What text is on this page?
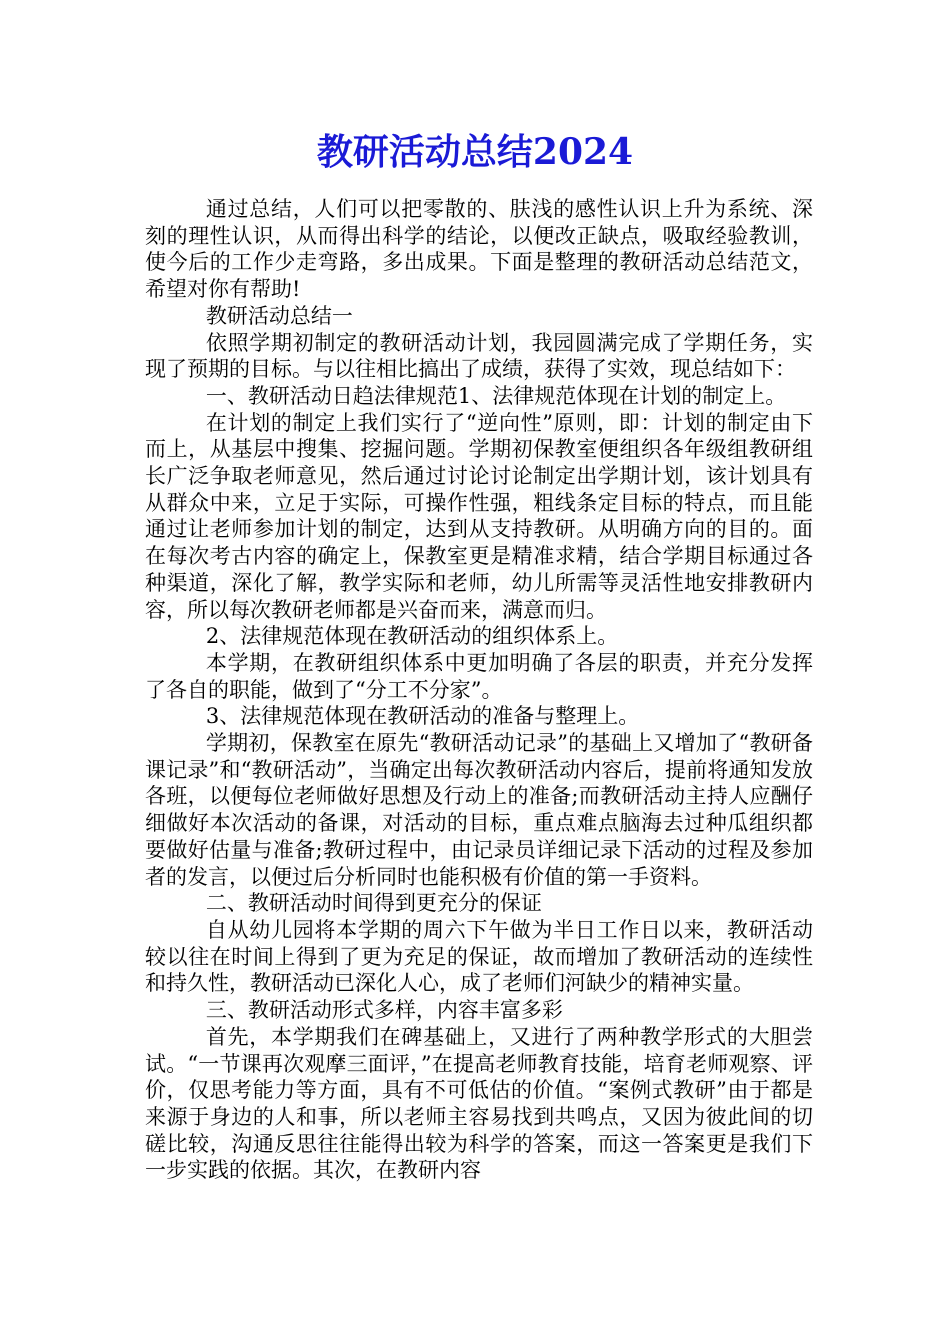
教研活动总结2024

通过总结，人们可以把零散的、肤浅的感性认识上升为系统、深刻的理性认识，从而得出科学的结论，以便改正缺点，吸取经验教训，使今后的工作少走弯路，多出成果。下面是整理的教研活动总结范文，希望对你有帮助!

教研活动总结一

依照学期初制定的教研活动计划，我园圆满完成了学期任务，实现了预期的目标。与以往相比搞出了成绩，获得了实效，现总结如下：

一、教研活动日趋法律规范1、法律规范体现在计划的制定上。

在计划的制定上我们实行了“逆向性”原则，即：计划的制定由下而上，从基层中搜集、挖掘问题。学期初保教室便组织各年级组教研组长广泛争取老师意见，然后通过讨论讨论制定出学期计划，该计划具有从群众中来，立足于实际，可操作性强，粗线条定目标的特点，而且能通过让老师参加计划的制定，达到从支持教研。从明确方向的目的。面在每次考古内容的确定上，保教室更是精准求精，结合学期目标通过各种渠道，深化了解，教学实际和老师，幼儿所需等灵活性地安排教研内容，所以每次教研老师都是兴奋而来，满意而归。

2、法律规范体现在教研活动的组织体系上。

本学期，在教研组织体系中更加明确了各层的职责，并充分发挥了各自的职能，做到了“分工不分家”。

3、法律规范体现在教研活动的准备与整理上。

学期初，保教室在原先“教研活动记录”的基础上又增加了“教研备课记录”和“教研活动”，当确定出每次教研活动内容后，提前将通知发放各班，以便每位老师做好思想及行动上的准备;而教研活动主持人应酬仔细做好本次活动的备课，对活动的目标，重点难点脑海去过种瓜组织都要做好估量与准备;教研过程中，由记录员详细记录下活动的过程及参加者的发言，以便过后分析同时也能积极有价值的第一手资料。

二、教研活动时间得到更充分的保证

自从幼儿园将本学期的周六下午做为半日工作日以来，教研活动较以往在时间上得到了更为充足的保证，故而增加了教研活动的连续性和持久性，教研活动已深化人心，成了老师们河缺少的精神实量。

三、教研活动形式多样，内容丰富多彩

首先，本学期我们在碑基础上，又进行了两种教学形式的大胆尝试。“一节课再次观摩三面评，”在提高老师教育技能，培育老师观察、评价，仅思考能力等方面，具有不可低估的价值。“案例式教研”由于都是来源于身边的人和事，所以老师主容易找到共鸣点，又因为彼此间的切磋比较，沟通反思往往能得出较为科学的答案，而这一答案更是我们下一步实践的依据。其次，在教研内容
